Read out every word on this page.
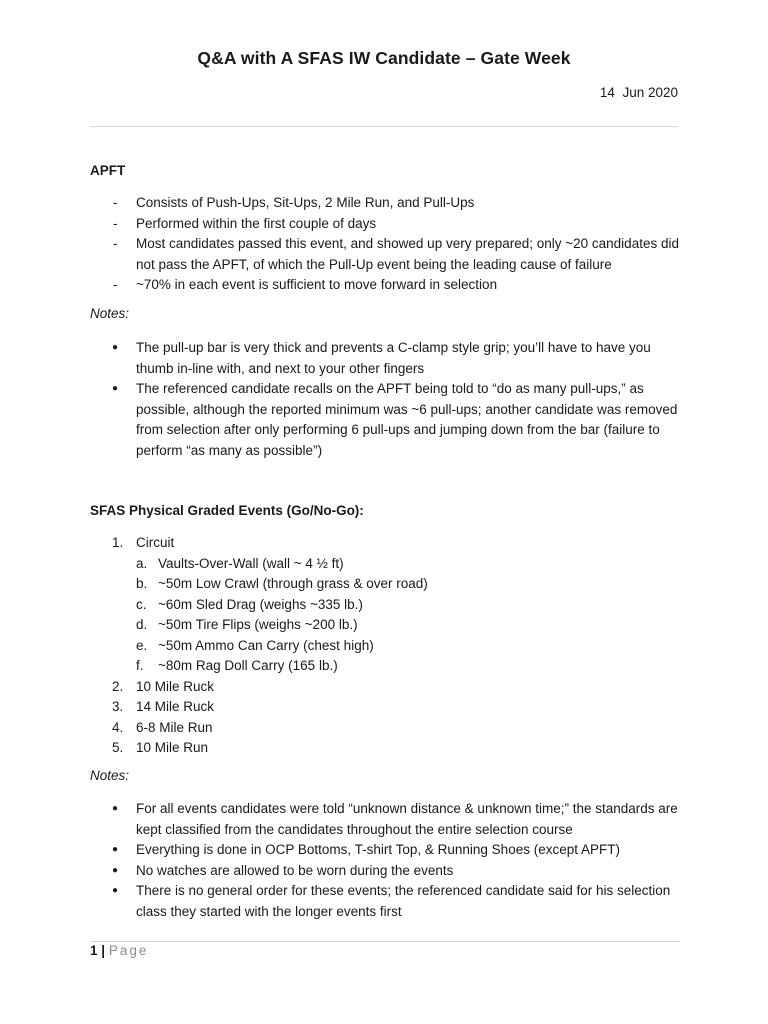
Q&A with A SFAS IW Candidate – Gate Week
14  Jun 2020
APFT
- Consists of Push-Ups, Sit-Ups, 2 Mile Run, and Pull-Ups
- Performed within the first couple of days
- Most candidates passed this event, and showed up very prepared; only ~20 candidates did not pass the APFT, of which the Pull-Up event being the leading cause of failure
- ~70% in each event is sufficient to move forward in selection
Notes:
● The pull-up bar is very thick and prevents a C-clamp style grip; you’ll have to have you thumb in-line with, and next to your other fingers
● The referenced candidate recalls on the APFT being told to “do as many pull-ups,” as possible, although the reported minimum was ~6 pull-ups; another candidate was removed from selection after only performing 6 pull-ups and jumping down from the bar (failure to perform “as many as possible”)
SFAS Physical Graded Events (Go/No-Go):
1. Circuit
a. Vaults-Over-Wall (wall ~ 4 ½ ft)
b. ~50m Low Crawl (through grass & over road)
c. ~60m Sled Drag (weighs ~335 lb.)
d. ~50m Tire Flips (weighs ~200 lb.)
e. ~50m Ammo Can Carry (chest high)
f. ~80m Rag Doll Carry (165 lb.)
2. 10 Mile Ruck
3. 14 Mile Ruck
4. 6-8 Mile Run
5. 10 Mile Run
Notes:
● For all events candidates were told “unknown distance & unknown time;” the standards are kept classified from the candidates throughout the entire selection course
● Everything is done in OCP Bottoms, T-shirt Top, & Running Shoes (except APFT)
● No watches are allowed to be worn during the events
● There is no general order for these events; the referenced candidate said for his selection class they started with the longer events first
1 | Page
